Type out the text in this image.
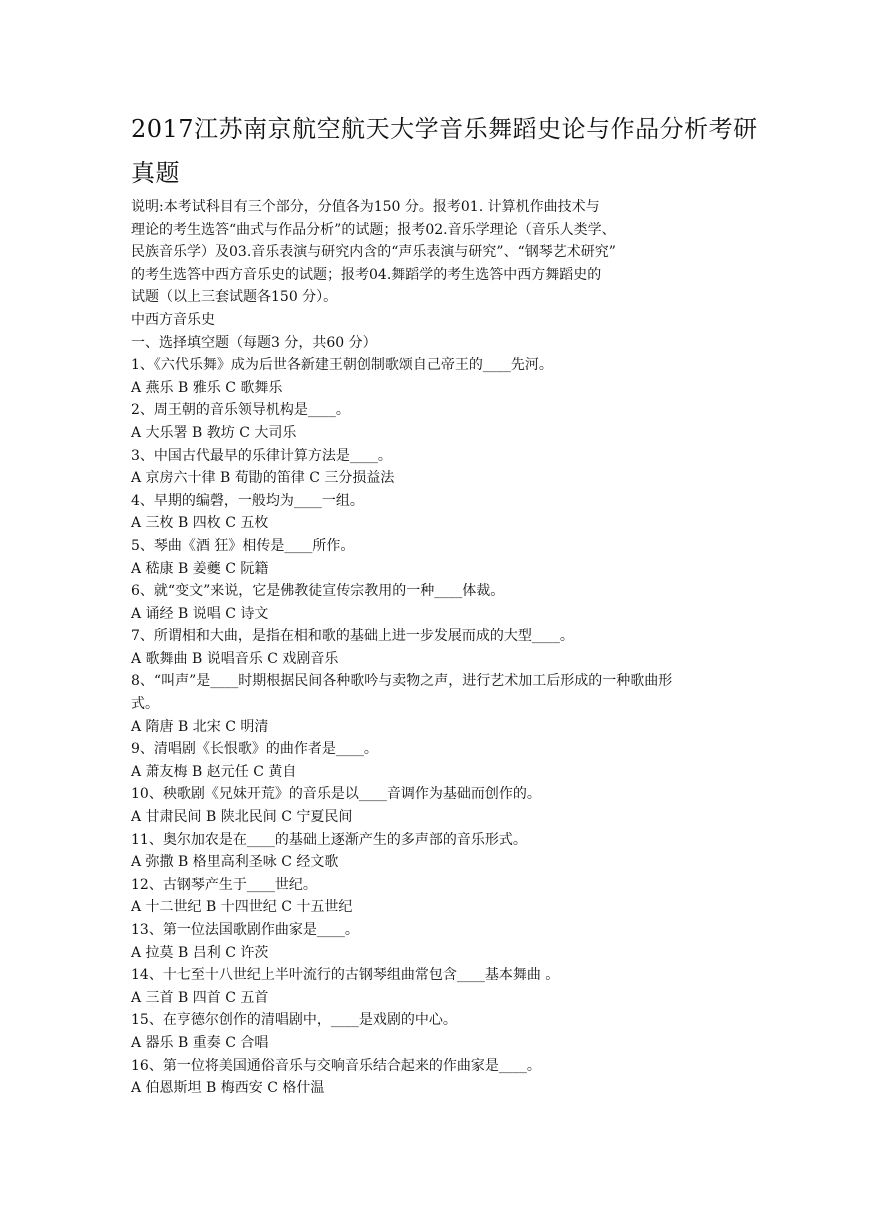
2017江苏南京航空航天大学音乐舞蹈史论与作品分析考研
真题
说明:本考试科目有三个部分，分值各为150 分。报考01. 计算机作曲技术与
理论的考生选答“曲式与作品分析”的试题；报考02.音乐学理论（音乐人类学、
民族音乐学）及03.音乐表演与研究内含的“声乐表演与研究”、“钢琴艺术研究”
的考生选答中西方音乐史的试题；报考04.舞蹈学的考生选答中西方舞蹈史的
试题（以上三套试题各150 分）。
中西方音乐史
一、选择填空题（每题3 分，共60 分）
1、《六代乐舞》成为后世各新建王朝创制歌颂自己帝王的____先河。
A 燕乐 B 雅乐 C 歌舞乐
2、周王朝的音乐领导机构是____。
A 大乐署 B 教坊 C 大司乐
3、中国古代最早的乐律计算方法是____。
A 京房六十律 B 荀勖的笛律 C 三分损益法
4、早期的编磬，一般均为____一组。
A 三枚 B 四枚 C 五枚
5、琴曲《酒 狂》相传是____所作。
A 嵇康 B 姜夔 C 阮籍
6、就“变文”来说，它是佛教徒宣传宗教用的一种____体裁。
A 诵经 B 说唱 C 诗文
7、所谓相和大曲，是指在相和歌的基础上进一步发展而成的大型____。
A 歌舞曲 B 说唱音乐 C 戏剧音乐
8、“叫声”是____时期根据民间各种歌吟与卖物之声，进行艺术加工后形成的一种歌曲形
式。
A 隋唐 B 北宋 C 明清
9、清唱剧《长恨歌》的曲作者是____。
A 萧友梅 B 赵元任 C 黄自
10、秧歌剧《兄妹开荒》的音乐是以____音调作为基础而创作的。
A 甘肃民间 B 陕北民间 C 宁夏民间
11、奥尔加农是在____的基础上逐渐产生的多声部的音乐形式。
A 弥撒 B 格里高利圣咏 C 经文歌
12、古钢琴产生于____世纪。
A 十二世纪 B 十四世纪 C 十五世纪
13、第一位法国歌剧作曲家是____。
A 拉莫 B 吕利 C 许茨
14、十七至十八世纪上半叶流行的古钢琴组曲常包含____基本舞曲 。
A 三首 B 四首 C 五首
15、在亨德尔创作的清唱剧中，____是戏剧的中心。
A 器乐 B 重奏 C 合唱
16、第一位将美国通俗音乐与交响音乐结合起来的作曲家是____。
A 伯恩斯坦 B 梅西安 C 格什温
